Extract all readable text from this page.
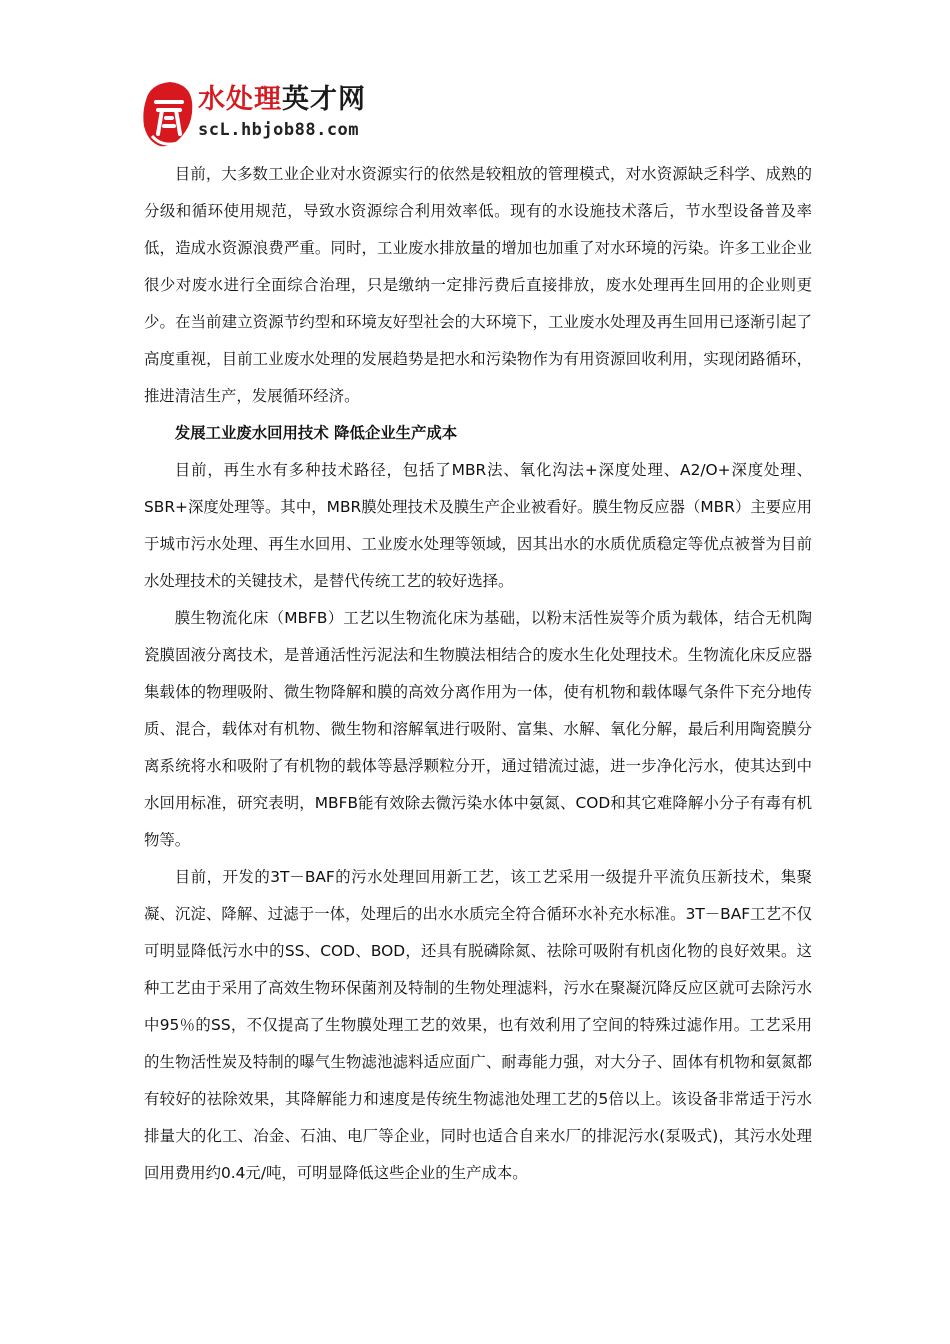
水处理英才网
scL.hbjob88.com

目前，大多数工业企业对水资源实行的依然是较粗放的管理模式，对水资源缺乏科学、成熟的分级和循环使用规范，导致水资源综合利用效率低。现有的水设施技术落后，节水型设备普及率低，造成水资源浪费严重。同时，工业废水排放量的增加也加重了对水环境的污染。许多工业企业很少对废水进行全面综合治理，只是缴纳一定排污费后直接排放，废水处理再生回用的企业则更少。在当前建立资源节约型和环境友好型社会的大环境下，工业废水处理及再生回用已逐渐引起了高度重视，目前工业废水处理的发展趋势是把水和污染物作为有用资源回收利用，实现闭路循环，推进清洁生产，发展循环经济。

发展工业废水回用技术 降低企业生产成本

目前，再生水有多种技术路径，包括了MBR法、氧化沟法+深度处理、A2/O+深度处理、SBR+深度处理等。其中，MBR膜处理技术及膜生产企业被看好。膜生物反应器（MBR）主要应用于城市污水处理、再生水回用、工业废水处理等领域，因其出水的水质优质稳定等优点被誉为目前水处理技术的关键技术，是替代传统工艺的较好选择。

膜生物流化床（MBFB）工艺以生物流化床为基础，以粉末活性炭等介质为载体，结合无机陶瓷膜固液分离技术，是普通活性污泥法和生物膜法相结合的废水生化处理技术。生物流化床反应器集载体的物理吸附、微生物降解和膜的高效分离作用为一体，使有机物和载体曝气条件下充分地传质、混合，载体对有机物、微生物和溶解氧进行吸附、富集、水解、氧化分解，最后利用陶瓷膜分离系统将水和吸附了有机物的载体等悬浮颗粒分开，通过错流过滤，进一步净化污水，使其达到中水回用标准，研究表明，MBFB能有效除去微污染水体中氨氮、COD和其它难降解小分子有毒有机物等。

目前，开发的3T－BAF的污水处理回用新工艺，该工艺采用一级提升平流负压新技术，集聚凝、沉淀、降解、过滤于一体，处理后的出水水质完全符合循环水补充水标准。3T－BAF工艺不仅可明显降低污水中的SS、COD、BOD，还具有脱磷除氮、祛除可吸附有机卤化物的良好效果。这种工艺由于采用了高效生物环保菌剂及特制的生物处理滤料，污水在聚凝沉降反应区就可去除污水中95％的SS，不仅提高了生物膜处理工艺的效果，也有效利用了空间的特殊过滤作用。工艺采用的生物活性炭及特制的曝气生物滤池滤料适应面广、耐毒能力强，对大分子、固体有机物和氨氮都有较好的祛除效果，其降解能力和速度是传统生物滤池处理工艺的5倍以上。该设备非常适于污水排量大的化工、冶金、石油、电厂等企业，同时也适合自来水厂的排泥污水(泵吸式)，其污水处理回用费用约0.4元/吨，可明显降低这些企业的生产成本。
